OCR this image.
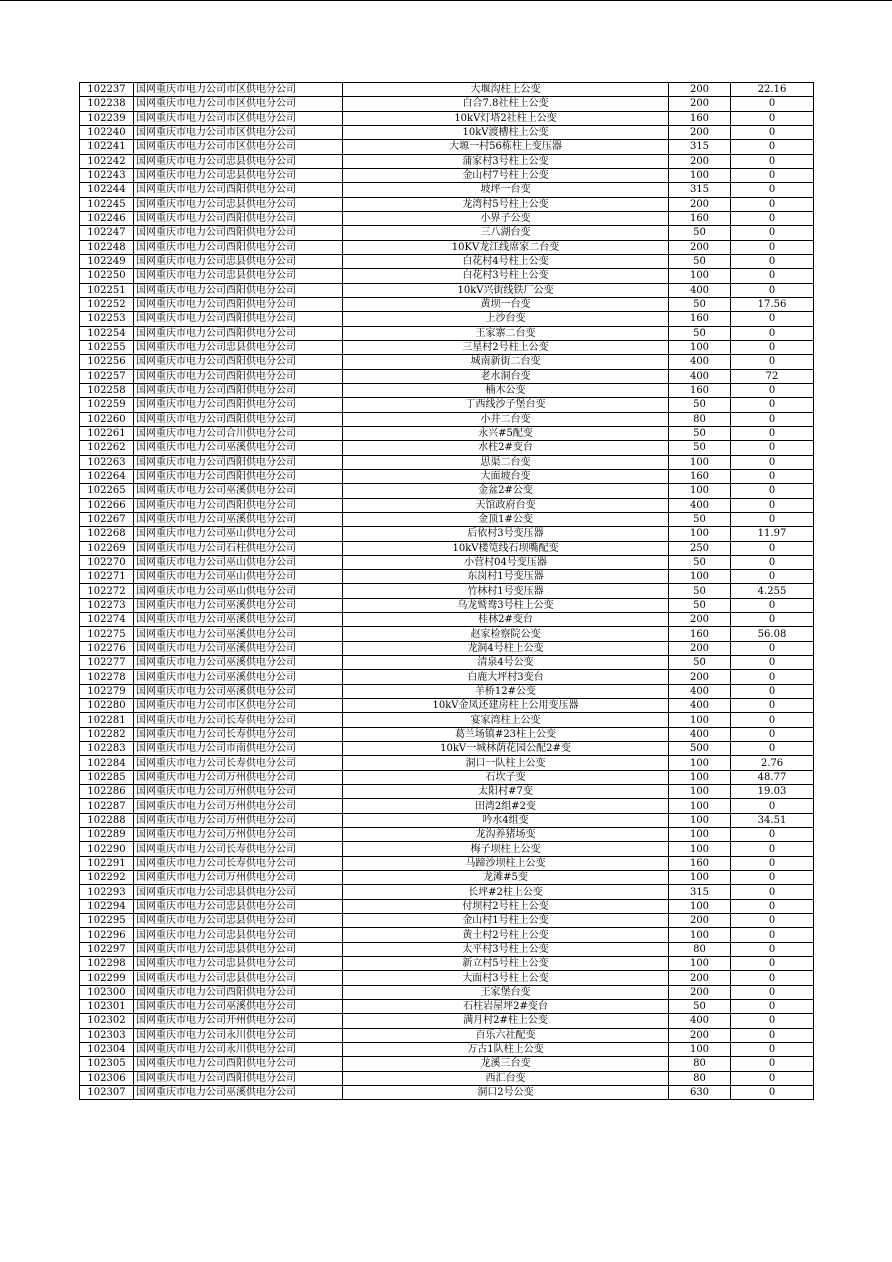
102237	国网重庆市电力公司市区供电分公司	大堰沟柱上公变	200	22.16
102238	国网重庆市电力公司市区供电分公司	白合7.8社柱上公变	200	0
102239	国网重庆市电力公司市区供电分公司	10kV灯塔2社柱上公变	160	0
102240	国网重庆市电力公司市区供电分公司	10kV渡槽柱上公变	200	0
102241	国网重庆市电力公司市区供电分公司	大塬一村56栋柱上变压器	315	0
102242	国网重庆市电力公司忠县供电分公司	蒲家村3号柱上公变	200	0
102243	国网重庆市电力公司忠县供电分公司	金山村7号柱上公变	100	0
102244	国网重庆市电力公司酉阳供电分公司	坡坪一台变	315	0
102245	国网重庆市电力公司忠县供电分公司	龙湾村5号柱上公变	200	0
102246	国网重庆市电力公司酉阳供电分公司	小界子公变	160	0
102247	国网重庆市电力公司酉阳供电分公司	三八湖台变	50	0
102248	国网重庆市电力公司酉阳供电分公司	10KV龙江线席家二台变	200	0
102249	国网重庆市电力公司忠县供电分公司	白花村4号柱上公变	50	0
102250	国网重庆市电力公司忠县供电分公司	白花村3号柱上公变	100	0
102251	国网重庆市电力公司酉阳供电分公司	10kV兴街线铁厂公变	400	0
102252	国网重庆市电力公司酉阳供电分公司	黄坝一台变	50	17.56
102253	国网重庆市电力公司酉阳供电分公司	上沙台变	160	0
102254	国网重庆市电力公司酉阳供电分公司	王家寨二台变	50	0
102255	国网重庆市电力公司忠县供电分公司	三星村2号柱上公变	100	0
102256	国网重庆市电力公司酉阳供电分公司	城南新街二台变	400	0
102257	国网重庆市电力公司酉阳供电分公司	老水洞台变	400	72
102258	国网重庆市电力公司酉阳供电分公司	楠木公变	160	0
102259	国网重庆市电力公司酉阳供电分公司	丁西线沙子堡台变	50	0
102260	国网重庆市电力公司酉阳供电分公司	小井二台变	80	0
102261	国网重庆市电力公司合川供电分公司	永兴#5配变	50	0
102262	国网重庆市电力公司巫溪供电分公司	水柱2#变台	50	0
102263	国网重庆市电力公司酉阳供电分公司	思渠二台变	100	0
102264	国网重庆市电力公司酉阳供电分公司	大面坡台变	160	0
102265	国网重庆市电力公司巫溪供电分公司	金盆2#公变	100	0
102266	国网重庆市电力公司酉阳供电分公司	天馆政府台变	400	0
102267	国网重庆市电力公司巫溪供电分公司	金顶1#公变	50	0
102268	国网重庆市电力公司巫山供电分公司	后依村3号变压器	100	11.97
102269	国网重庆市电力公司石柱供电分公司	10kV楼笕线石坝嘴配变	250	0
102270	国网重庆市电力公司巫山供电分公司	小营村04号变压器	50	0
102271	国网重庆市电力公司巫山供电分公司	东岗村1号变压器	100	0
102272	国网重庆市电力公司巫山供电分公司	竹林村1号变压器	50	4.255
102273	国网重庆市电力公司巫溪供电分公司	乌龙鹫鸯3号柱上公变	50	0
102274	国网重庆市电力公司巫溪供电分公司	桂林2#变台	200	0
102275	国网重庆市电力公司巫溪供电分公司	赵家检察院公变	160	56.08
102276	国网重庆市电力公司巫溪供电分公司	龙洞4号柱上公变	200	0
102277	国网重庆市电力公司巫溪供电分公司	清泉4号公变	50	0
102278	国网重庆市电力公司巫溪供电分公司	白鹿大坪村3变台	200	0
102279	国网重庆市电力公司巫溪供电分公司	羊桥12#公变	400	0
102280	国网重庆市电力公司市区供电分公司	10kV金凤还建房柱上公用变压器	400	0
102281	国网重庆市电力公司长寿供电分公司	宴家湾柱上公变	100	0
102282	国网重庆市电力公司长寿供电分公司	葛兰场镇#23柱上公变	400	0
102283	国网重庆市电力公司市南供电分公司	10kV一城林荫花园公配2#变	500	0
102284	国网重庆市电力公司长寿供电分公司	洞口一队柱上公变	100	2.76
102285	国网重庆市电力公司万州供电分公司	石坎子变	100	48.77
102286	国网重庆市电力公司万州供电分公司	太阳村#7变	100	19.03
102287	国网重庆市电力公司万州供电分公司	田湾2组#2变	100	0
102288	国网重庆市电力公司万州供电分公司	吟水4组变	100	34.51
102289	国网重庆市电力公司万州供电分公司	龙沟养猪场变	100	0
102290	国网重庆市电力公司长寿供电分公司	梅子坝柱上公变	100	0
102291	国网重庆市电力公司长寿供电分公司	马蹄沙坝柱上公变	160	0
102292	国网重庆市电力公司万州供电分公司	龙滩#5变	100	0
102293	国网重庆市电力公司忠县供电分公司	长坪#2柱上公变	315	0
102294	国网重庆市电力公司忠县供电分公司	付坝村2号柱上公变	100	0
102295	国网重庆市电力公司忠县供电分公司	金山村1号柱上公变	200	0
102296	国网重庆市电力公司忠县供电分公司	黄土村2号柱上公变	100	0
102297	国网重庆市电力公司忠县供电分公司	太平村3号柱上公变	80	0
102298	国网重庆市电力公司忠县供电分公司	新立村5号柱上公变	100	0
102299	国网重庆市电力公司忠县供电分公司	大面村3号柱上公变	200	0
102300	国网重庆市电力公司酉阳供电分公司	王家堡台变	200	0
102301	国网重庆市电力公司巫溪供电分公司	石柱岩屋坪2#变台	50	0
102302	国网重庆市电力公司开州供电分公司	满月村2#柱上公变	400	0
102303	国网重庆市电力公司永川供电分公司	百乐六社配变	200	0
102304	国网重庆市电力公司永川供电分公司	万古1队柱上公变	100	0
102305	国网重庆市电力公司酉阳供电分公司	龙溪三台变	80	0
102306	国网重庆市电力公司酉阳供电分公司	西汇台变	80	0
102307	国网重庆市电力公司巫溪供电分公司	洞口2号公变	630	0
